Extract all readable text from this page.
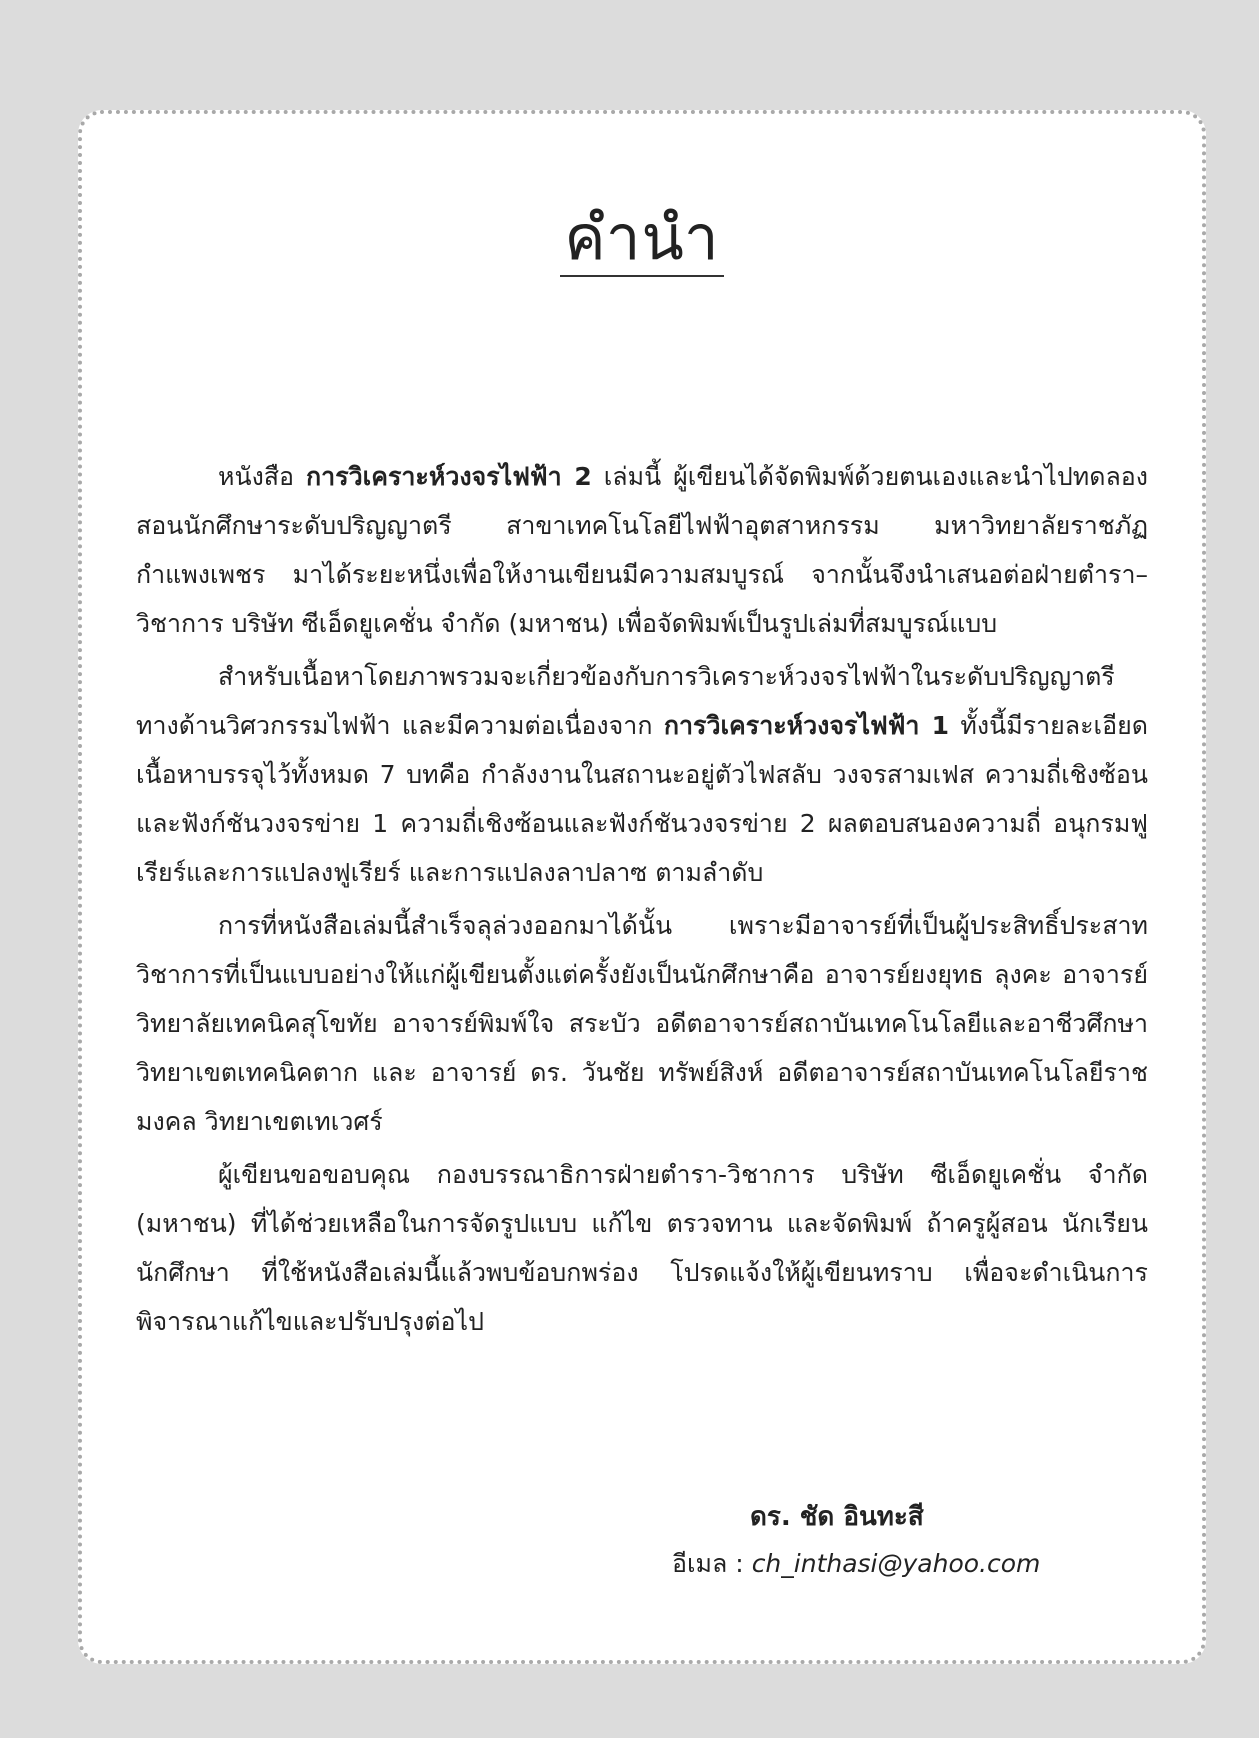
คำนำ

หนังสือ การวิเคราะห์วงจรไฟฟ้า 2 เล่มนี้ ผู้เขียนได้จัดพิมพ์ด้วยตนเองและนำไปทดลองสอนนักศึกษาระดับปริญญาตรี สาขาเทคโนโลยีไฟฟ้าอุตสาหกรรม มหาวิทยาลัยราชภัฏกำแพงเพชร มาได้ระยะหนึ่งเพื่อให้งานเขียนมีความสมบูรณ์ จากนั้นจึงนำเสนอต่อฝ่ายตำรา–วิชาการ บริษัท ซีเอ็ดยูเคชั่น จำกัด (มหาชน) เพื่อจัดพิมพ์เป็นรูปเล่มที่สมบูรณ์แบบ

สำหรับเนื้อหาโดยภาพรวมจะเกี่ยวข้องกับการวิเคราะห์วงจรไฟฟ้าในระดับปริญญาตรี ทางด้านวิศวกรรมไฟฟ้า และมีความต่อเนื่องจาก การวิเคราะห์วงจรไฟฟ้า 1 ทั้งนี้มีรายละเอียดเนื้อหาบรรจุไว้ทั้งหมด 7 บทคือ กำลังงานในสถานะอยู่ตัวไฟสลับ วงจรสามเฟส ความถี่เชิงซ้อนและฟังก์ชันวงจรข่าย 1 ความถี่เชิงซ้อนและฟังก์ชันวงจรข่าย 2 ผลตอบสนองความถี่ อนุกรมฟูเรียร์และการแปลงฟูเรียร์ และการแปลงลาปลาซ ตามลำดับ

การที่หนังสือเล่มนี้สำเร็จลุล่วงออกมาได้นั้น เพราะมีอาจารย์ที่เป็นผู้ประสิทธิ์ประสาทวิชาการที่เป็นแบบอย่างให้แก่ผู้เขียนตั้งแต่ครั้งยังเป็นนักศึกษาคือ อาจารย์ยงยุทธ ลุงคะ อาจารย์วิทยาลัยเทคนิคสุโขทัย อาจารย์พิมพ์ใจ สระบัว อดีตอาจารย์สถาบันเทคโนโลยีและอาชีวศึกษา วิทยาเขตเทคนิคตาก และ อาจารย์ ดร. วันชัย ทรัพย์สิงห์ อดีตอาจารย์สถาบันเทคโนโลยีราชมงคล วิทยาเขตเทเวศร์

ผู้เขียนขอขอบคุณ กองบรรณาธิการฝ่ายตำรา-วิชาการ บริษัท ซีเอ็ดยูเคชั่น จำกัด (มหาชน) ที่ได้ช่วยเหลือในการจัดรูปแบบ แก้ไข ตรวจทาน และจัดพิมพ์ ถ้าครูผู้สอน นักเรียน นักศึกษา ที่ใช้หนังสือเล่มนี้แล้วพบข้อบกพร่อง โปรดแจ้งให้ผู้เขียนทราบ เพื่อจะดำเนินการพิจารณาแก้ไขและปรับปรุงต่อไป

ดร. ชัด อินทะสี
อีเมล : ch_inthasi@yahoo.com
